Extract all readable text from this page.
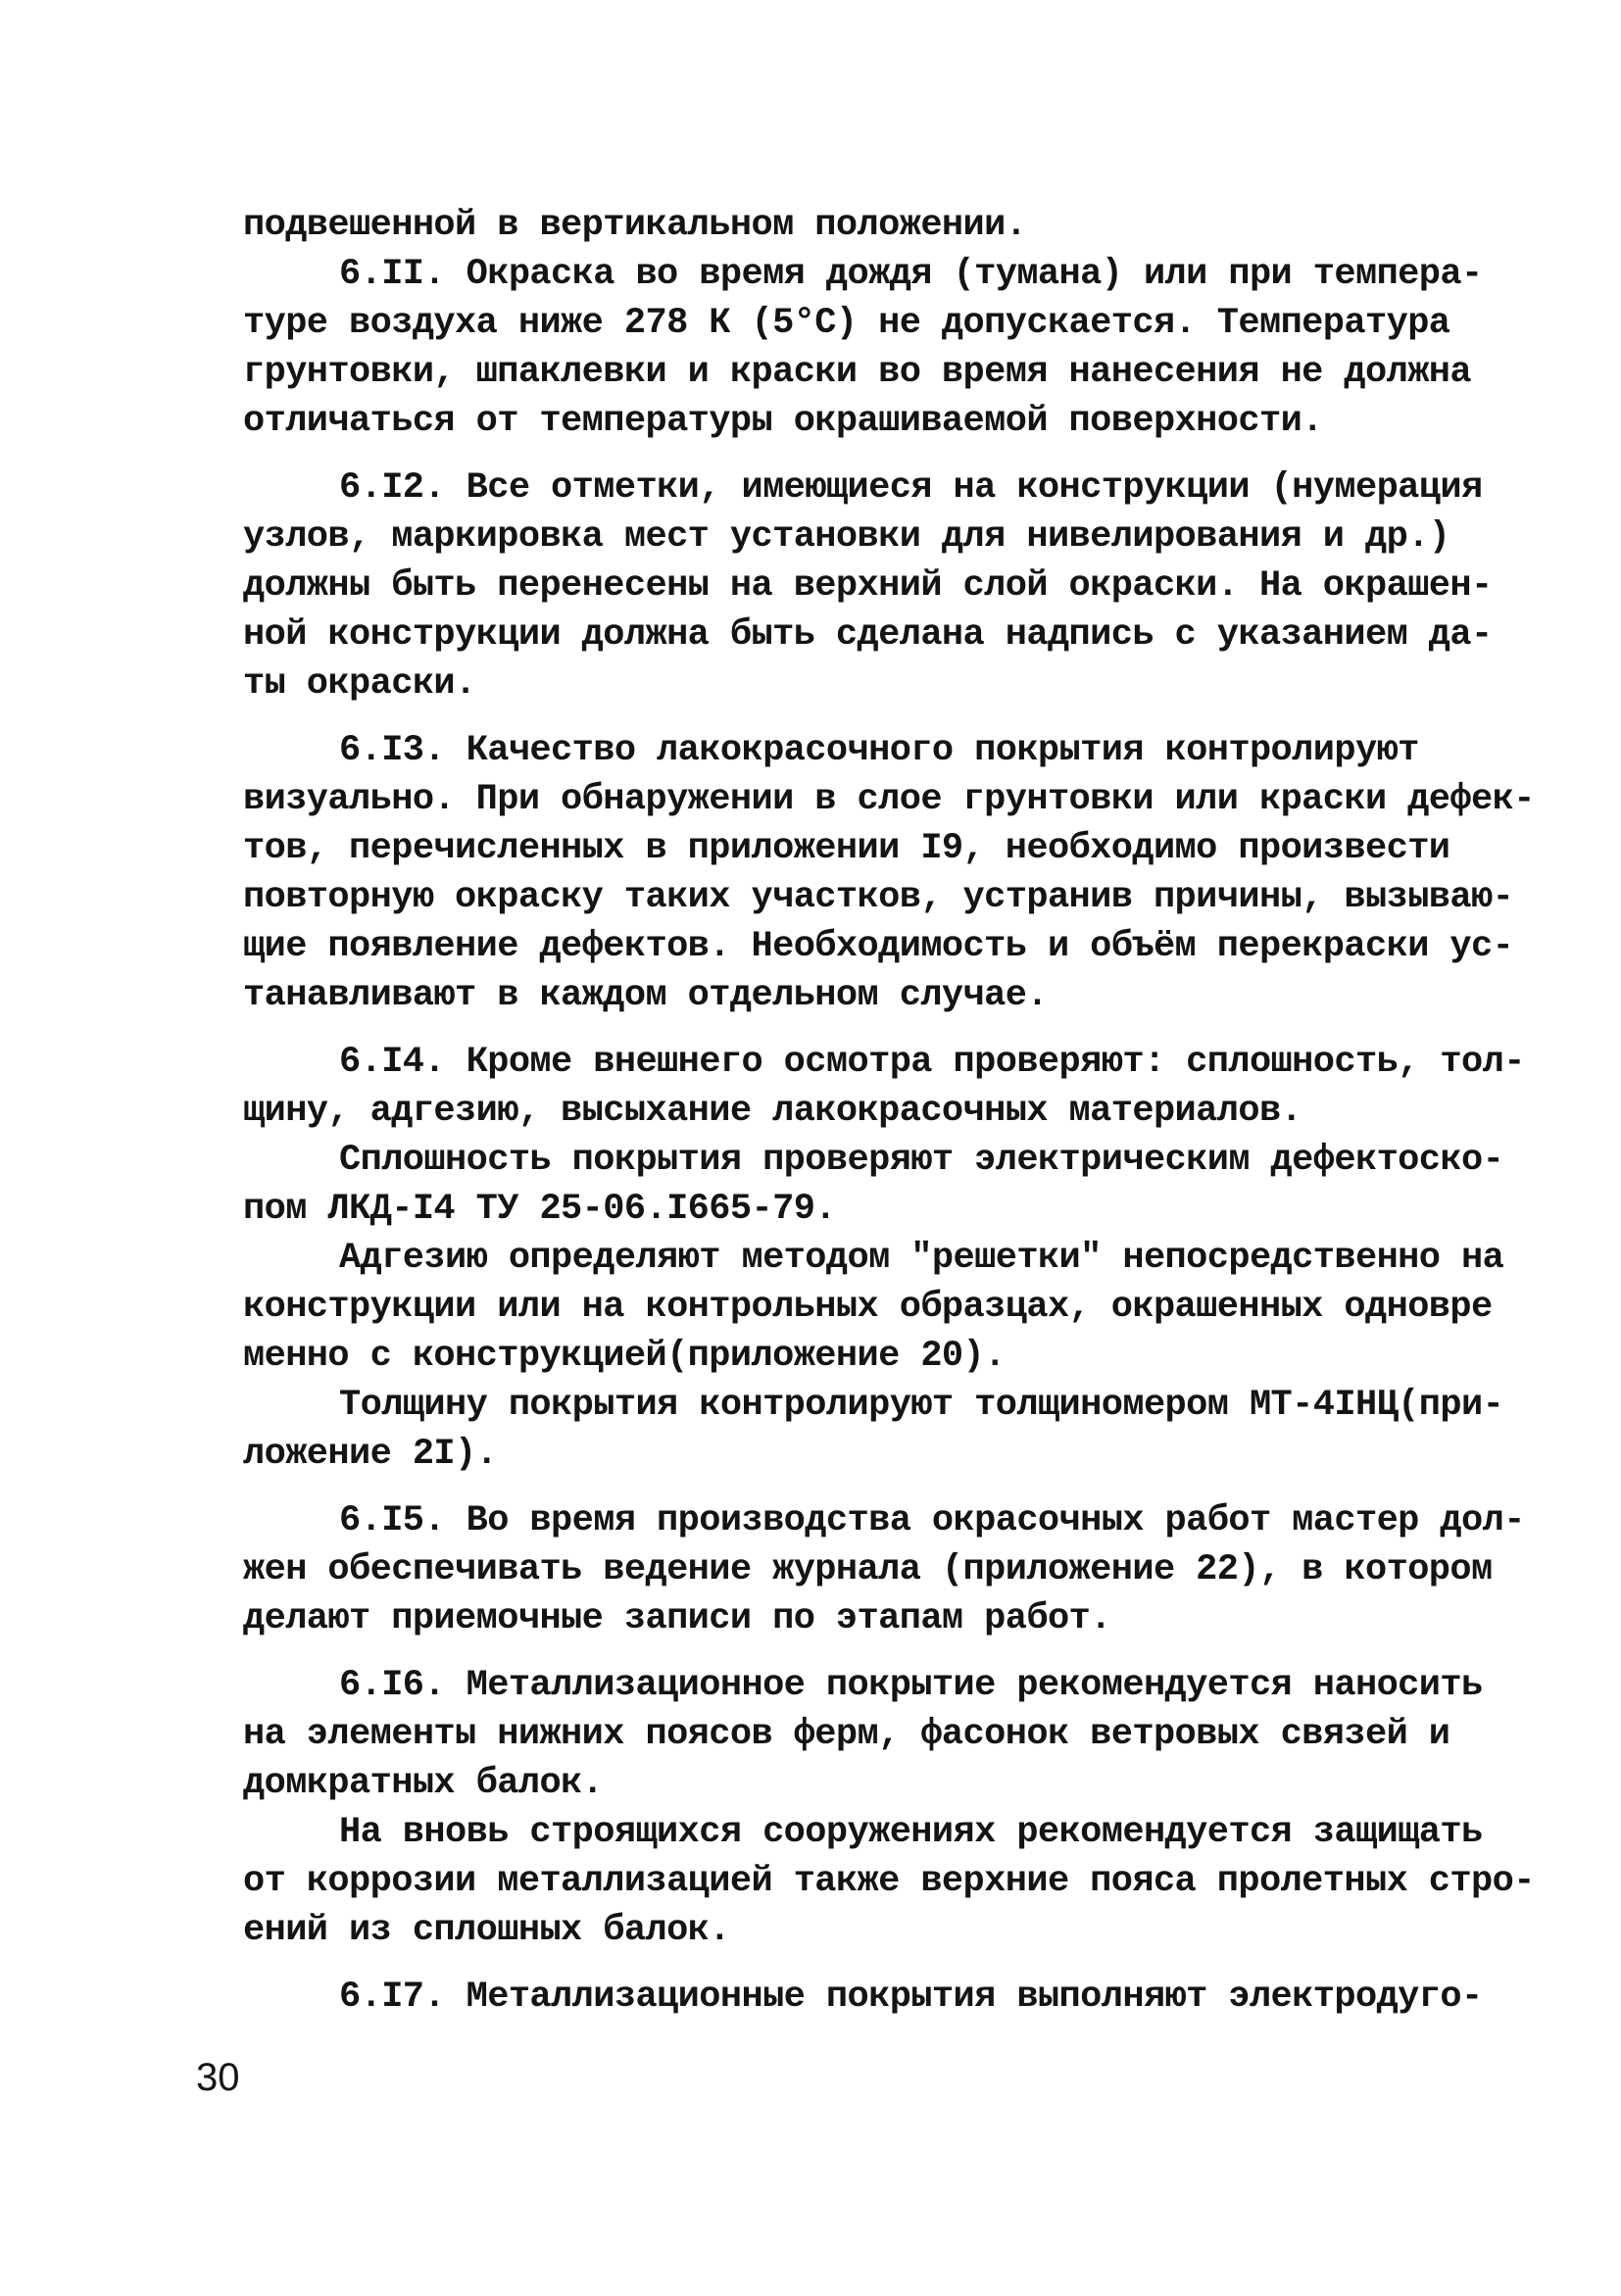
подвешенной в вертикальном положении.
6.II. Окраска во время дождя (тумана) или при темпера-
туре воздуха ниже 278 К (5°С) не допускается. Температура
грунтовки, шпаклевки и краски во время нанесения не должна
отличаться от температуры окрашиваемой поверхности.
6.I2. Все отметки, имеющиеся на конструкции (нумерация
узлов, маркировка мест установки для нивелирования и др.)
должны быть перенесены на верхний слой окраски. На окрашен-
ной конструкции должна быть сделана надпись с указанием да-
ты окраски.
6.I3. Качество лакокрасочного покрытия контролируют
визуально. При обнаружении в слое грунтовки или краски дефек-
тов, перечисленных в приложении I9, необходимо произвести
повторную окраску таких участков, устранив причины, вызываю-
щие появление дефектов. Необходимость и объём перекраски ус-
танавливают в каждом отдельном случае.
6.I4. Кроме внешнего осмотра проверяют: сплошность, тол-
щину, адгезию, высыхание лакокрасочных материалов.
Сплошность покрытия проверяют электрическим дефектоско-
пом ЛКД-I4 ТУ 25-06.I665-79.
Адгезию определяют методом "решетки" непосредственно на
конструкции или на контрольных образцах, окрашенных одновре
менно с конструкцией(приложение 20).
Толщину покрытия контролируют толщиномером МТ-4IНЦ(при-
ложение 2I).
6.I5. Во время производства окрасочных работ мастер дол-
жен обеспечивать ведение журнала (приложение 22), в котором
делают приемочные записи по этапам работ.
6.I6. Металлизационное покрытие рекомендуется наносить
на элементы нижних поясов ферм, фасонок ветровых связей и
домкратных балок.
На вновь строящихся сооружениях рекомендуется защищать
от коррозии металлизацией также верхние пояса пролетных стро-
ений из сплошных балок.
6.I7. Металлизационные покрытия выполняют электродуго-
30
